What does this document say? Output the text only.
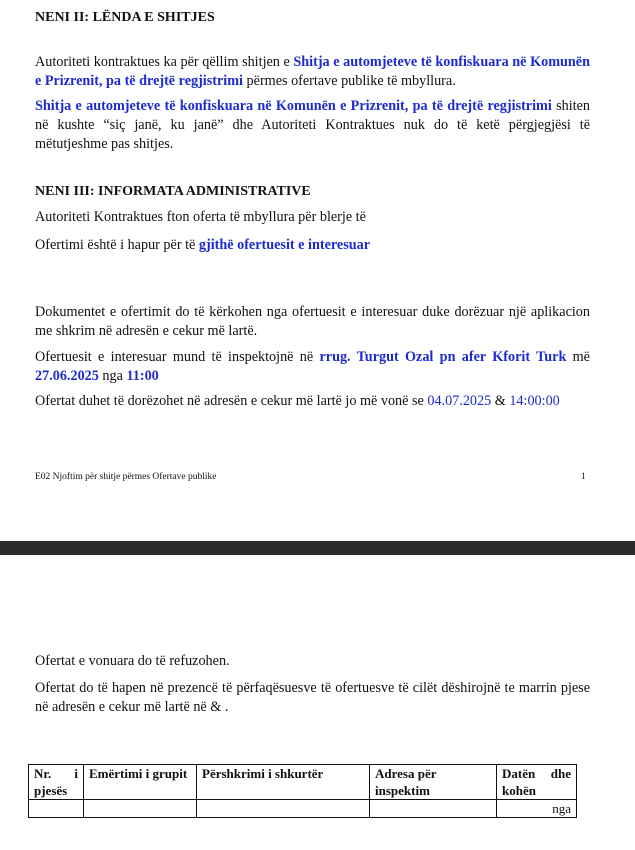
NENI II: LËNDA E SHITJES
Autoriteti kontraktues ka për qëllim shitjen e Shitja e automjeteve të konfiskuara në Komunën e Prizrenit, pa të drejtë regjistrimi përmes ofertave publike të mbyllura.
Shitja e automjeteve të konfiskuara në Komunën e Prizrenit, pa të drejtë regjistrimi shiten në kushte “siç janë, ku janë” dhe Autoriteti Kontraktues nuk do të ketë përgjegjësi të mëtutjeshme pas shitjes.
NENI III: INFORMATA ADMINISTRATIVE
Autoriteti Kontraktues fton oferta të mbyllura për blerje të
Ofertimi është i hapur për të gjithë ofertuesit e interesuar
Dokumentet e ofertimit do të kërkohen nga ofertuesit e interesuar duke dorëzuar një aplikacion me shkrim në adresën e cekur më lartë.
Ofertuesit e interesuar mund të inspektojnë në rrug. Turgut Ozal pn afer Kforit Turk më 27.06.2025 nga 11:00
Ofertat duhet të dorëzohet në adresën e cekur më lartë jo më vonë se 04.07.2025 & 14:00:00
E02 Njoftim për shitje përmes Ofertave publike	1
Ofertat e vonuara do të refuzohen.
Ofertat do të hapen në prezencë të përfaqësuesve të ofertuesve të cilët dëshirojnë te marrin pjese në adresën e cekur më lartë në & .
Nr. i pjesës	Emërtimi i grupit	Përshkrimi i shkurtër	Adresa për inspektim	Datën dhe kohën
				nga
